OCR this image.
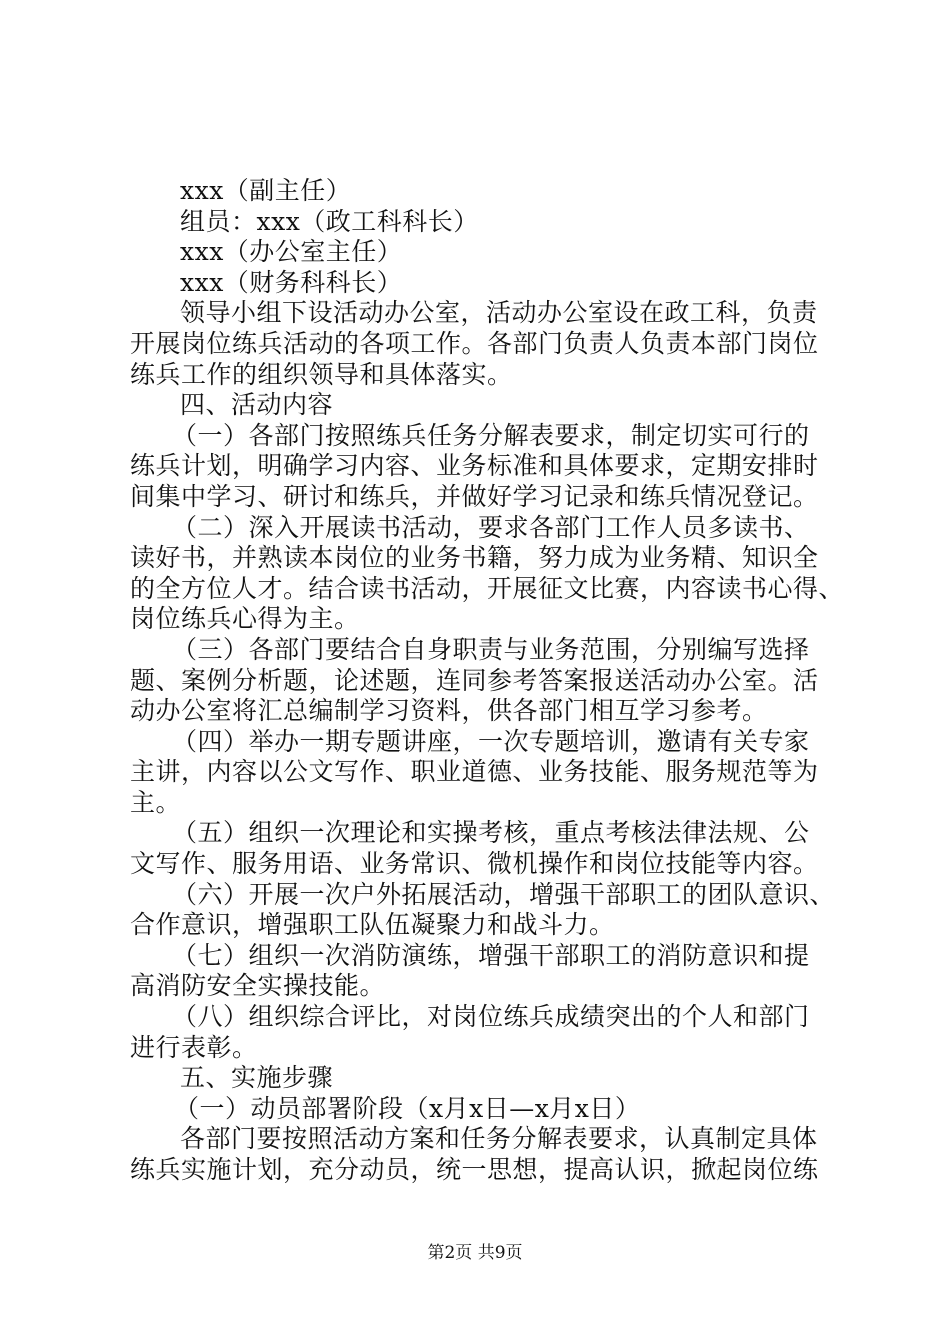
xxx（副主任）
组员：xxx（政工科科长）
xxx（办公室主任）
xxx（财务科科长）
领导小组下设活动办公室，活动办公室设在政工科，负责
开展岗位练兵活动的各项工作。各部门负责人负责本部门岗位
练兵工作的组织领导和具体落实。
四、活动内容
（一）各部门按照练兵任务分解表要求，制定切实可行的
练兵计划，明确学习内容、业务标准和具体要求，定期安排时
间集中学习、研讨和练兵，并做好学习记录和练兵情况登记。
（二）深入开展读书活动，要求各部门工作人员多读书、
读好书，并熟读本岗位的业务书籍，努力成为业务精、知识全
的全方位人才。结合读书活动，开展征文比赛，内容读书心得、
岗位练兵心得为主。
（三）各部门要结合自身职责与业务范围，分别编写选择
题、案例分析题，论述题，连同参考答案报送活动办公室。活
动办公室将汇总编制学习资料，供各部门相互学习参考。
（四）举办一期专题讲座，一次专题培训，邀请有关专家
主讲，内容以公文写作、职业道德、业务技能、服务规范等为
主。
（五）组织一次理论和实操考核，重点考核法律法规、公
文写作、服务用语、业务常识、微机操作和岗位技能等内容。
（六）开展一次户外拓展活动，增强干部职工的团队意识、
合作意识，增强职工队伍凝聚力和战斗力。
（七）组织一次消防演练，增强干部职工的消防意识和提
高消防安全实操技能。
（八）组织综合评比，对岗位练兵成绩突出的个人和部门
进行表彰。
五、实施步骤
（一）动员部署阶段（x月x日—x月x日）
各部门要按照活动方案和任务分解表要求，认真制定具体
练兵实施计划，充分动员，统一思想，提高认识，掀起岗位练
第2页 共9页
